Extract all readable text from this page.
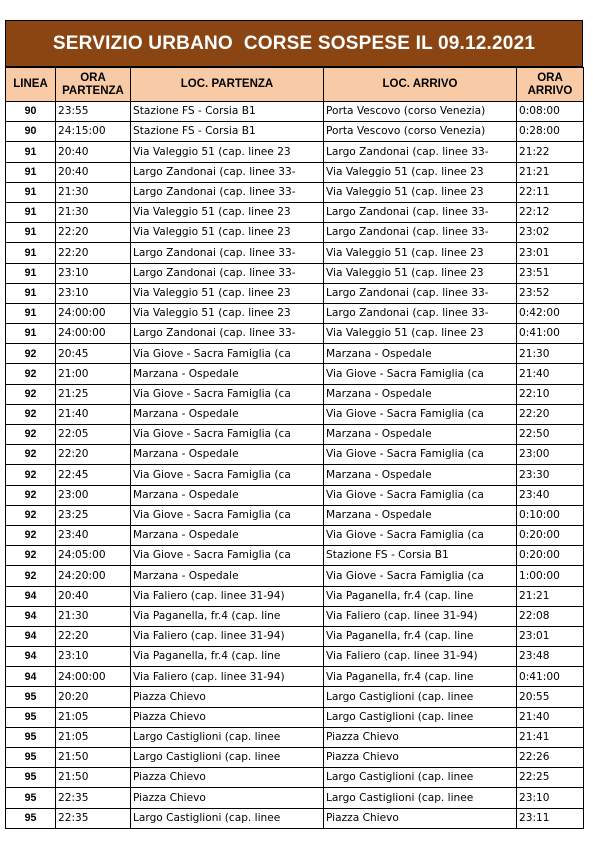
SERVIZIO URBANO  CORSE SOSPESE IL 09.12.2021
LINEA	ORA PARTENZA	LOC. PARTENZA	LOC. ARRIVO	ORA ARRIVO
90	23:55	Stazione FS - Corsia B1	Porta Vescovo (corso Venezia)	0:08:00
90	24:15:00	Stazione FS - Corsia B1	Porta Vescovo (corso Venezia)	0:28:00
91	20:40	Via Valeggio 51 (cap. linee 23	Largo Zandonai (cap. linee 33-	21:22
91	20:40	Largo Zandonai (cap. linee 33-	Via Valeggio 51 (cap. linee 23	21:21
91	21:30	Largo Zandonai (cap. linee 33-	Via Valeggio 51 (cap. linee 23	22:11
91	21:30	Via Valeggio 51 (cap. linee 23	Largo Zandonai (cap. linee 33-	22:12
91	22:20	Via Valeggio 51 (cap. linee 23	Largo Zandonai (cap. linee 33-	23:02
91	22:20	Largo Zandonai (cap. linee 33-	Via Valeggio 51 (cap. linee 23	23:01
91	23:10	Largo Zandonai (cap. linee 33-	Via Valeggio 51 (cap. linee 23	23:51
91	23:10	Via Valeggio 51 (cap. linee 23	Largo Zandonai (cap. linee 33-	23:52
91	24:00:00	Via Valeggio 51 (cap. linee 23	Largo Zandonai (cap. linee 33-	0:42:00
91	24:00:00	Largo Zandonai (cap. linee 33-	Via Valeggio 51 (cap. linee 23	0:41:00
92	20:45	Via Giove - Sacra Famiglia (ca	Marzana - Ospedale	21:30
92	21:00	Marzana - Ospedale	Via Giove - Sacra Famiglia (ca	21:40
92	21:25	Via Giove - Sacra Famiglia (ca	Marzana - Ospedale	22:10
92	21:40	Marzana - Ospedale	Via Giove - Sacra Famiglia (ca	22:20
92	22:05	Via Giove - Sacra Famiglia (ca	Marzana - Ospedale	22:50
92	22:20	Marzana - Ospedale	Via Giove - Sacra Famiglia (ca	23:00
92	22:45	Via Giove - Sacra Famiglia (ca	Marzana - Ospedale	23:30
92	23:00	Marzana - Ospedale	Via Giove - Sacra Famiglia (ca	23:40
92	23:25	Via Giove - Sacra Famiglia (ca	Marzana - Ospedale	0:10:00
92	23:40	Marzana - Ospedale	Via Giove - Sacra Famiglia (ca	0:20:00
92	24:05:00	Via Giove - Sacra Famiglia (ca	Stazione FS - Corsia B1	0:20:00
92	24:20:00	Marzana - Ospedale	Via Giove - Sacra Famiglia (ca	1:00:00
94	20:40	Via Faliero (cap. linee 31-94)	Via Paganella, fr.4 (cap. line	21:21
94	21:30	Via Paganella, fr.4 (cap. line	Via Faliero (cap. linee 31-94)	22:08
94	22:20	Via Faliero (cap. linee 31-94)	Via Paganella, fr.4 (cap. line	23:01
94	23:10	Via Paganella, fr.4 (cap. line	Via Faliero (cap. linee 31-94)	23:48
94	24:00:00	Via Faliero (cap. linee 31-94)	Via Paganella, fr.4 (cap. line	0:41:00
95	20:20	Piazza Chievo	Largo Castiglioni (cap. linee	20:55
95	21:05	Piazza Chievo	Largo Castiglioni (cap. linee	21:40
95	21:05	Largo Castiglioni (cap. linee	Piazza Chievo	21:41
95	21:50	Largo Castiglioni (cap. linee	Piazza Chievo	22:26
95	21:50	Piazza Chievo	Largo Castiglioni (cap. linee	22:25
95	22:35	Piazza Chievo	Largo Castiglioni (cap. linee	23:10
95	22:35	Largo Castiglioni (cap. linee	Piazza Chievo	23:11
